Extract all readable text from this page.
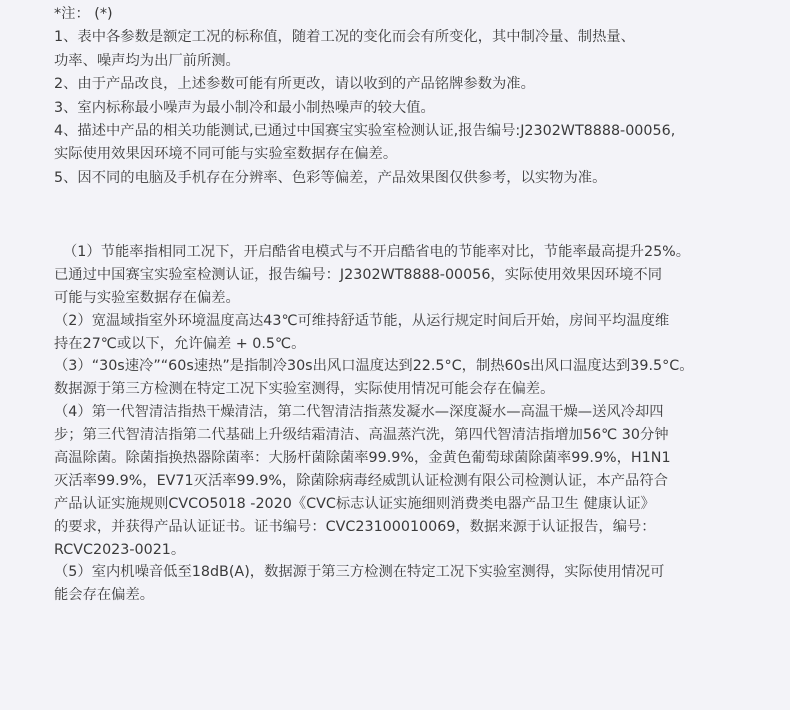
*注： (*)
1、表中各参数是额定工况的标称值，随着工况的变化而会有所变化，其中制冷量、制热量、
功率、噪声均为出厂前所测。
2、由于产品改良，上述参数可能有所更改，请以收到的产品铭牌参数为准。
3、室内标称最小噪声为最小制冷和最小制热噪声的较大值。
4、描述中产品的相关功能测试,已通过中国赛宝实验室检测认证,报告编号:J2302WT8888-00056,
实际使用效果因环境不同可能与实验室数据存在偏差。
5、因不同的电脑及手机存在分辨率、色彩等偏差，产品效果图仅供参考，以实物为准。
（1）节能率指相同工况下，开启酷省电模式与不开启酷省电的节能率对比，节能率最高提升25%。
已通过中国赛宝实验室检测认证，报告编号：J2302WT8888-00056，实际使用效果因环境不同
可能与实验室数据存在偏差。
（2）宽温域指室外环境温度高达43℃可维持舒适节能，从运行规定时间后开始，房间平均温度维
持在27℃或以下，允许偏差 + 0.5℃。
（3）“30s速冷”“60s速热”是指制冷30s出风口温度达到22.5°C，制热60s出风口温度达到39.5°C。
数据源于第三方检测在特定工况下实验室测得，实际使用情况可能会存在偏差。
（4）第一代智清洁指热干燥清洁，第二代智清洁指蒸发凝水—深度凝水—高温干燥—送风冷却四
步；第三代智清洁指第二代基础上升级结霜清洁、高温蒸汽洗，第四代智清洁指增加56℃ 30分钟
高温除菌。除菌指换热器除菌率：大肠杆菌除菌率99.9%，金黄色葡萄球菌除菌率99.9%，H1N1
灭活率99.9%，EV71灭活率99.9%，除菌除病毒经威凯认证检测有限公司检测认证，本产品符合
产品认证实施规则CVCO5018 -2020《CVC标志认证实施细则消费类电器产品卫生 健康认证》
的要求，并获得产品认证证书。证书编号：CVC23100010069，数据来源于认证报告，编号：
RCVC2023-0021。
（5）室内机噪音低至18dB(A)，数据源于第三方检测在特定工况下实验室测得，实际使用情况可
能会存在偏差。
